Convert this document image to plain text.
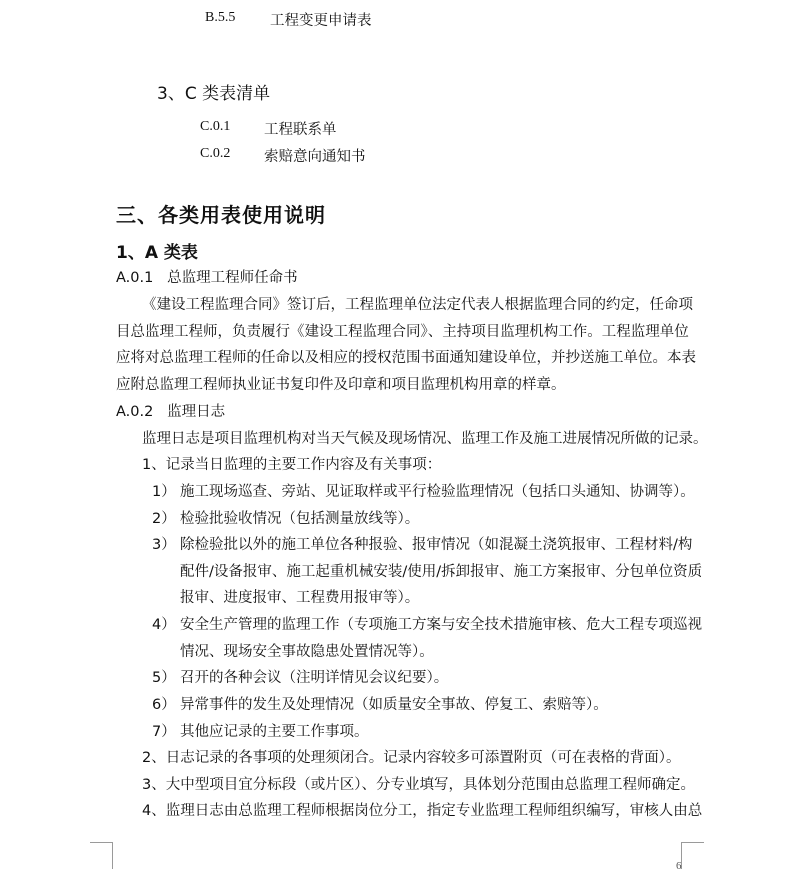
B.5.5 工程变更申请表
3、C 类表清单
C.0.1 工程联系单
C.0.2 索赔意向通知书
三、各类用表使用说明
1、A 类表
A.0.1   总监理工程师任命书
《建设工程监理合同》签订后，工程监理单位法定代表人根据监理合同的约定，任命项
目总监理工程师，负责履行《建设工程监理合同》、主持项目监理机构工作。工程监理单位
应将对总监理工程师的任命以及相应的授权范围书面通知建设单位，并抄送施工单位。本表
应附总监理工程师执业证书复印件及印章和项目监理机构用章的样章。
A.0.2   监理日志
监理日志是项目监理机构对当天气候及现场情况、监理工作及施工进展情况所做的记录。
1、记录当日监理的主要工作内容及有关事项：
1） 施工现场巡查、旁站、见证取样或平行检验监理情况（包括口头通知、协调等）。
2） 检验批验收情况（包括测量放线等）。
3） 除检验批以外的施工单位各种报验、报审情况（如混凝土浇筑报审、工程材料/构
配件/设备报审、施工起重机械安装/使用/拆卸报审、施工方案报审、分包单位资质
报审、进度报审、工程费用报审等）。
4） 安全生产管理的监理工作（专项施工方案与安全技术措施审核、危大工程专项巡视
情况、现场安全事故隐患处置情况等）。
5） 召开的各种会议（注明详情见会议纪要）。
6） 异常事件的发生及处理情况（如质量安全事故、停复工、索赔等）。
7） 其他应记录的主要工作事项。
2、日志记录的各事项的处理须闭合。记录内容较多可添置附页（可在表格的背面）。
3、大中型项目宜分标段（或片区）、分专业填写，具体划分范围由总监理工程师确定。
4、监理日志由总监理工程师根据岗位分工，指定专业监理工程师组织编写，审核人由总
6
